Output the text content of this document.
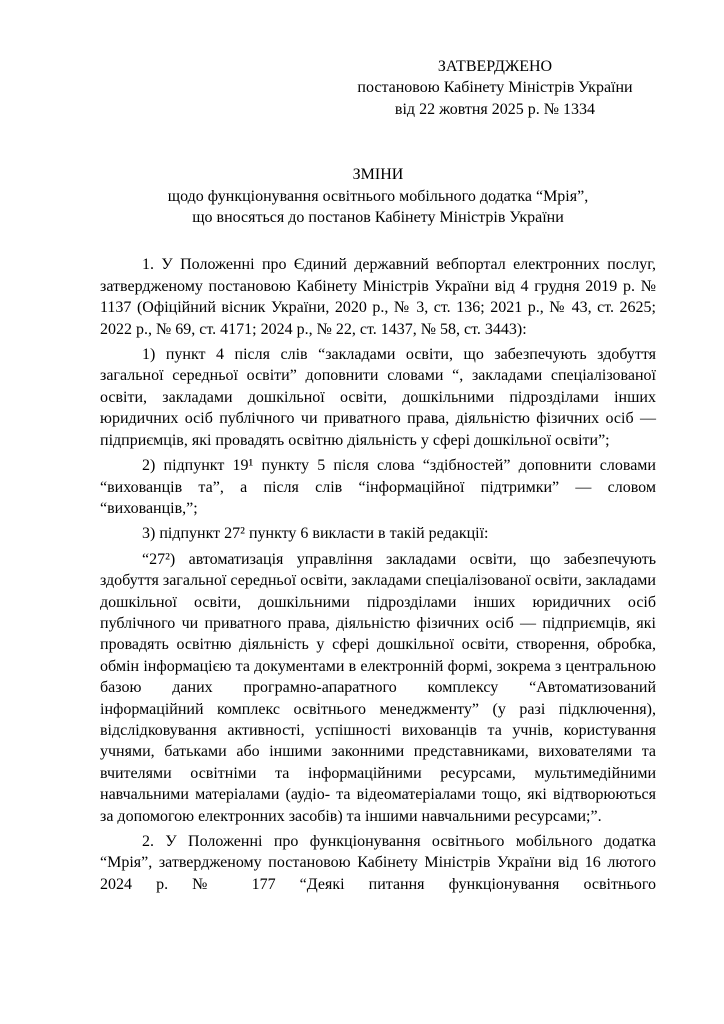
ЗАТВЕРДЖЕНО
постановою Кабінету Міністрів України
від 22 жовтня 2025 р. № 1334
ЗМІНИ
щодо функціонування освітнього мобільного додатка “Мрія”,
що вносяться до постанов Кабінету Міністрів України

1. У Положенні про Єдиний державний вебпортал електронних послуг, затвердженому постановою Кабінету Міністрів України від 4 грудня 2019 р. № 1137 (Офіційний вісник України, 2020 р., № 3, ст. 136; 2021 р., № 43, ст. 2625; 2022 р., № 69, ст. 4171; 2024 р., № 22, ст. 1437, № 58, ст. 3443):

1) пункт 4 після слів “закладами освіти, що забезпечують здобуття загальної середньої освіти” доповнити словами “, закладами спеціалізованої освіти, закладами дошкільної освіти, дошкільними підрозділами інших юридичних осіб публічного чи приватного права, діяльністю фізичних осіб — підприємців, які провадять освітню діяльність у сфері дошкільної освіти”;

2) підпункт 19¹ пункту 5 після слова “здібностей” доповнити словами “вихованців та”, а після слів “інформаційної підтримки” — словом “вихованців,”;

3) підпункт 27² пункту 6 викласти в такій редакції:

“27²) автоматизація управління закладами освіти, що забезпечують здобуття загальної середньої освіти, закладами спеціалізованої освіти, закладами дошкільної освіти, дошкільними підрозділами інших юридичних осіб публічного чи приватного права, діяльністю фізичних осіб — підприємців, які провадять освітню діяльність у сфері дошкільної освіти, створення, обробка, обмін інформацією та документами в електронній формі, зокрема з центральною базою даних програмно-апаратного комплексу “Автоматизований інформаційний комплекс освітнього менеджменту” (у разі підключення), відслідковування активності, успішності вихованців та учнів, користування учнями, батьками або іншими законними представниками, вихователями та вчителями освітніми та інформаційними ресурсами, мультимедійними навчальними матеріалами (аудіо- та відеоматеріалами тощо, які відтворюються за допомогою електронних засобів) та іншими навчальними ресурсами;”.

2. У Положенні про функціонування освітнього мобільного додатка “Мрія”, затвердженому постановою Кабінету Міністрів України від 16 лютого 2024 р. № 177 “Деякі питання функціонування освітнього
